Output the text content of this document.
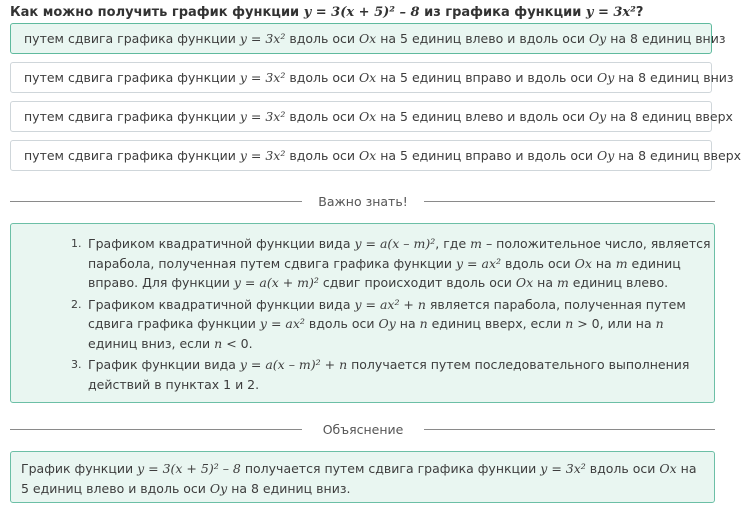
Как можно получить график функции y = 3(x + 5)² – 8 из графика функции y = 3x²?
путем сдвига графика функции y = 3x² вдоль оси Ox на 5 единиц влево и вдоль оси Oy на 8 единиц вниз
путем сдвига графика функции y = 3x² вдоль оси Ox на 5 единиц вправо и вдоль оси Oy на 8 единиц вниз
путем сдвига графика функции y = 3x² вдоль оси Ox на 5 единиц влево и вдоль оси Oy на 8 единиц вверх
путем сдвига графика функции y = 3x² вдоль оси Ox на 5 единиц вправо и вдоль оси Oy на 8 единиц вверх
Важно знать!
1. Графиком квадратичной функции вида y = a(x – m)², где m – положительное число, является парабола, полученная путем сдвига графика функции y = ax² вдоль оси Ox на m единиц вправо. Для функции y = a(x + m)² сдвиг происходит вдоль оси Ox на m единиц влево.
2. Графиком квадратичной функции вида y = ax² + n является парабола, полученная путем сдвига графика функции y = ax² вдоль оси Oy на n единиц вверх, если n > 0, или на n единиц вниз, если n < 0.
3. График функции вида y = a(x – m)² + n получается путем последовательного выполнения действий в пунктах 1 и 2.
Объяснение
График функции y = 3(x + 5)² – 8 получается путем сдвига графика функции y = 3x² вдоль оси Ox на 5 единиц влево и вдоль оси Oy на 8 единиц вниз.
